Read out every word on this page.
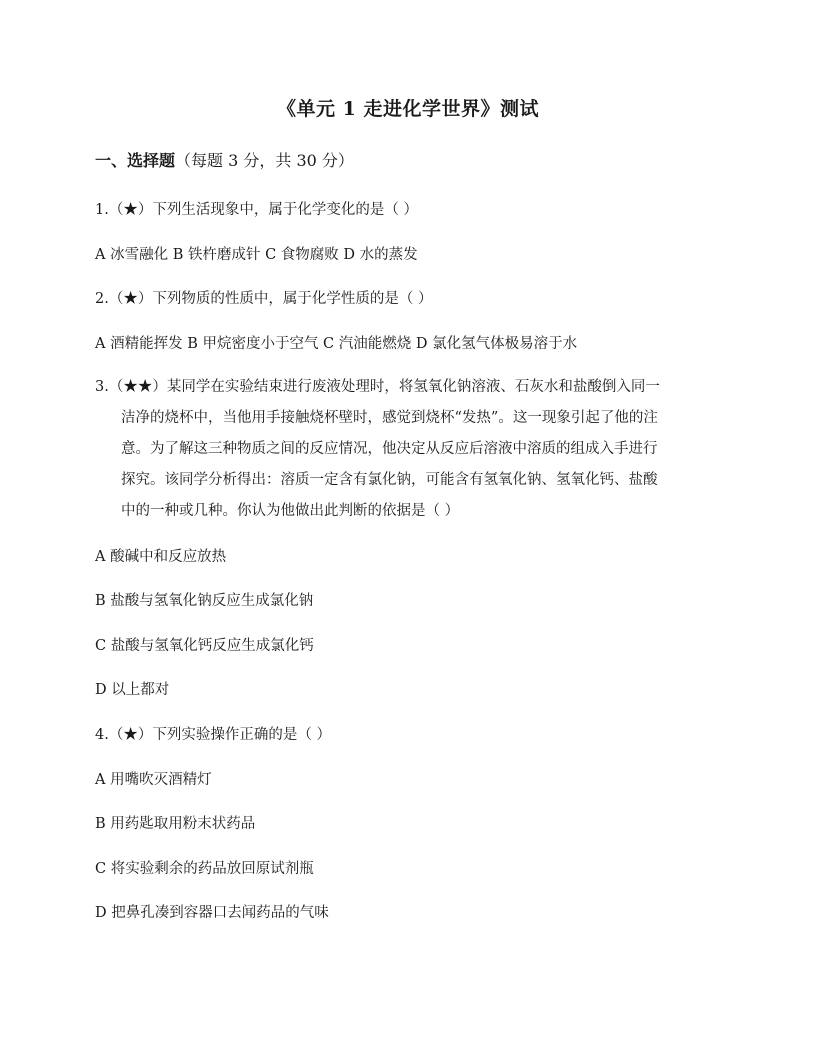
《单元 1 走进化学世界》测试
一、选择题（每题 3 分，共 30 分）
1.（★）下列生活现象中，属于化学变化的是（ ）
A 冰雪融化 B 铁杵磨成针 C 食物腐败 D 水的蒸发
2.（★）下列物质的性质中，属于化学性质的是（ ）
A 酒精能挥发 B 甲烷密度小于空气 C 汽油能燃烧 D 氯化氢气体极易溶于水
3.（★★）某同学在实验结束进行废液处理时，将氢氧化钠溶液、石灰水和盐酸倒入同一
洁净的烧杯中，当他用手接触烧杯壁时，感觉到烧杯“发热”。这一现象引起了他的注
意。为了解这三种物质之间的反应情况，他决定从反应后溶液中溶质的组成入手进行
探究。该同学分析得出：溶质一定含有氯化钠，可能含有氢氧化钠、氢氧化钙、盐酸
中的一种或几种。你认为他做出此判断的依据是（ ）
A 酸碱中和反应放热
B 盐酸与氢氧化钠反应生成氯化钠
C 盐酸与氢氧化钙反应生成氯化钙
D 以上都对
4.（★）下列实验操作正确的是（ ）
A 用嘴吹灭酒精灯
B 用药匙取用粉末状药品
C 将实验剩余的药品放回原试剂瓶
D 把鼻孔凑到容器口去闻药品的气味
